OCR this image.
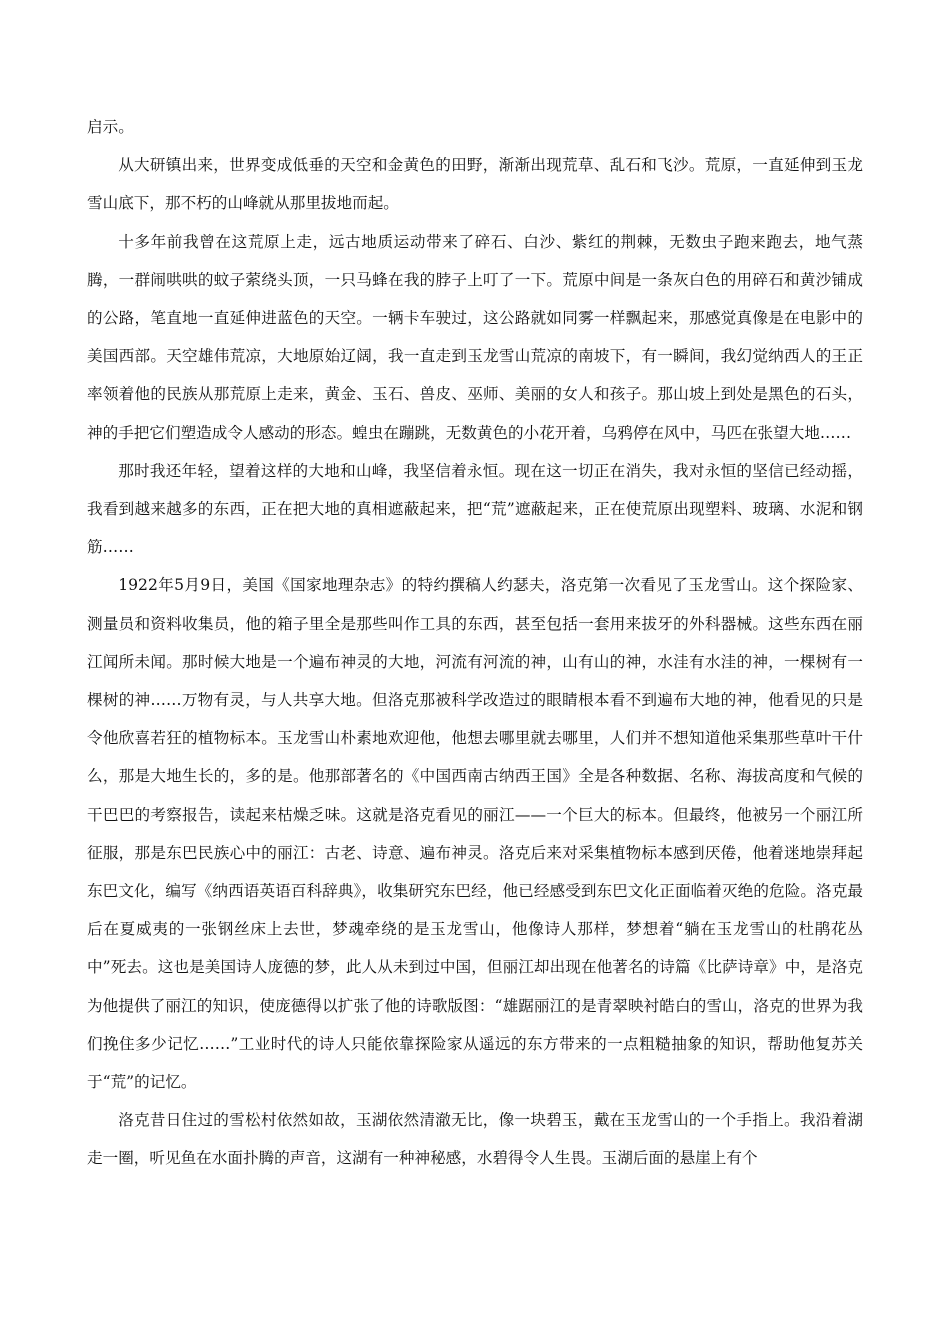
启示。

从大研镇出来，世界变成低垂的天空和金黄色的田野，渐渐出现荒草、乱石和飞沙。荒原，一直延伸到玉龙雪山底下，那不朽的山峰就从那里拔地而起。

十多年前我曾在这荒原上走，远古地质运动带来了碎石、白沙、紫红的荆棘，无数虫子跑来跑去，地气蒸腾，一群闹哄哄的蚊子萦绕头顶，一只马蜂在我的脖子上叮了一下。荒原中间是一条灰白色的用碎石和黄沙铺成的公路，笔直地一直延伸进蓝色的天空。一辆卡车驶过，这公路就如同雾一样飘起来，那感觉真像是在电影中的美国西部。天空雄伟荒凉，大地原始辽阔，我一直走到玉龙雪山荒凉的南坡下，有一瞬间，我幻觉纳西人的王正率领着他的民族从那荒原上走来，黄金、玉石、兽皮、巫师、美丽的女人和孩子。那山坡上到处是黑色的石头，神的手把它们塑造成令人感动的形态。蝗虫在蹦跳，无数黄色的小花开着，乌鸦停在风中，马匹在张望大地……

那时我还年轻，望着这样的大地和山峰，我坚信着永恒。现在这一切正在消失，我对永恒的坚信已经动摇，我看到越来越多的东西，正在把大地的真相遮蔽起来，把“荒”遮蔽起来，正在使荒原出现塑料、玻璃、水泥和钢筋……

1922年5月9日，美国《国家地理杂志》的特约撰稿人约瑟夫，洛克第一次看见了玉龙雪山。这个探险家、测量员和资料收集员，他的箱子里全是那些叫作工具的东西，甚至包括一套用来拔牙的外科器械。这些东西在丽江闻所未闻。那时候大地是一个遍布神灵的大地，河流有河流的神，山有山的神，水洼有水洼的神，一棵树有一棵树的神……万物有灵，与人共享大地。但洛克那被科学改造过的眼睛根本看不到遍布大地的神，他看见的只是令他欣喜若狂的植物标本。玉龙雪山朴素地欢迎他，他想去哪里就去哪里，人们并不想知道他采集那些草叶干什么，那是大地生长的，多的是。他那部著名的《中国西南古纳西王国》全是各种数据、名称、海拔高度和气候的干巴巴的考察报告，读起来枯燥乏味。这就是洛克看见的丽江——一个巨大的标本。但最终，他被另一个丽江所征服，那是东巴民族心中的丽江：古老、诗意、遍布神灵。洛克后来对采集植物标本感到厌倦，他着迷地崇拜起东巴文化，编写《纳西语英语百科辞典》，收集研究东巴经，他已经感受到东巴文化正面临着灭绝的危险。洛克最后在夏威夷的一张钢丝床上去世，梦魂牵绕的是玉龙雪山，他像诗人那样，梦想着“躺在玉龙雪山的杜鹃花丛中”死去。这也是美国诗人庞德的梦，此人从未到过中国，但丽江却出现在他著名的诗篇《比萨诗章》中，是洛克为他提供了丽江的知识，使庞德得以扩张了他的诗歌版图：“雄踞丽江的是青翠映衬皓白的雪山，洛克的世界为我们挽住多少记忆……”工业时代的诗人只能依靠探险家从遥远的东方带来的一点粗糙抽象的知识，帮助他复苏关于“荒”的记忆。

洛克昔日住过的雪松村依然如故，玉湖依然清澈无比，像一块碧玉，戴在玉龙雪山的一个手指上。我沿着湖走一圈，听见鱼在水面扑腾的声音，这湖有一种神秘感，水碧得令人生畏。玉湖后面的悬崖上有个
